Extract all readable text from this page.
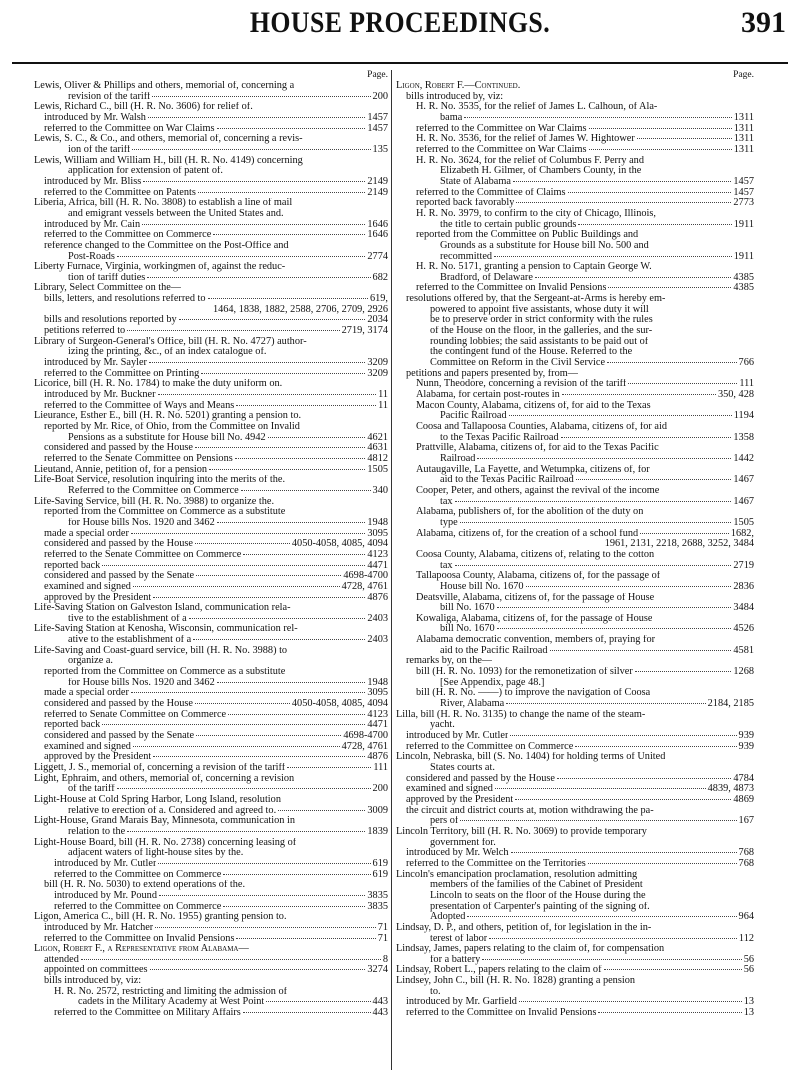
HOUSE PROCEEDINGS.	391
Page.
Lewis, Oliver & Phillips and others, memorial of, concerning a
revision of the tariff	200
Lewis, Richard C., bill (H. R. No. 3606) for relief of.
introduced by Mr. Walsh	1457
referred to the Committee on War Claims	1457
Lewis, S. C., & Co., and others, memorial of, concerning a revis-
ion of the tariff	135
Lewis, William and William H., bill (H. R. No. 4149) concerning
application for extension of patent of.
introduced by Mr. Bliss	2149
referred to the Committee on Patents	2149
Liberia, Africa, bill (H. R. No. 3808) to establish a line of mail
and emigrant vessels between the United States and.
introduced by Mr. Cain	1646
referred to the Committee on Commerce	1646
reference changed to the Committee on the Post-Office and
Post-Roads	2774
Liberty Furnace, Virginia, workingmen of, against the reduc-
tion of tariff duties	682
Library, Select Committee on the—
bills, letters, and resolutions referred to	619,
1464, 1838, 1882, 2588, 2706, 2709, 2926
bills and resolutions reported by	2034
petitions referred to	2719, 3174
Library of Surgeon-General's Office, bill (H. R. No. 4727) author-
izing the printing, &c., of an index catalogue of.
introduced by Mr. Sayler	3209
referred to the Committee on Printing	3209
Licorice, bill (H. R. No. 1784) to make the duty uniform on.
introduced by Mr. Buckner	11
referred to the Committee of Ways and Means	11
Lieurance, Esther E., bill (H. R. No. 5201) granting a pension to.
reported by Mr. Rice, of Ohio, from the Committee on Invalid
Pensions as a substitute for House bill No. 4942	4621
considered and passed by the House	4631
referred to the Senate Committee on Pensions	4812
Lieutand, Annie, petition of, for a pension	1505
Life-Boat Service, resolution inquiring into the merits of the.
Referred to the Committee on Commerce	340
Life-Saving Service, bill (H. R. No. 3988) to organize the.
reported from the Committee on Commerce as a substitute
for House bills Nos. 1920 and 3462	1948
made a special order	3095
considered and passed by the House	4050-4058, 4085, 4094
referred to the Senate Committee on Commerce	4123
reported back	4471
considered and passed by the Senate	4698-4700
examined and signed	4728, 4761
approved by the President	4876
Life-Saving Station on Galveston Island, communication rela-
tive to the establishment of a	2403
Life-Saving Station at Kenosha, Wisconsin, communication rel-
ative to the establishment of a	2403
Life-Saving and Coast-guard service, bill (H. R. No. 3988) to
organize a.
reported from the Committee on Commerce as a substitute
for House bills Nos. 1920 and 3462	1948
made a special order	3095
considered and passed by the House	4050-4058, 4085, 4094
referred to Senate Committee on Commerce	4123
reported back	4471
considered and passed by the Senate	4698-4700
examined and signed	4728, 4761
approved by the President	4876
Liggett, J. S., memorial of, concerning a revision of the tariff	111
Light, Ephraim, and others, memorial of, concerning a revision
of the tariff	200
Light-House at Cold Spring Harbor, Long Island, resolution
relative to erection of a. Considered and agreed to.	3009
Light-House, Grand Marais Bay, Minnesota, communication in
relation to the	1839
Light-House Board, bill (H. R. No. 2738) concerning leasing of
adjacent waters of light-house sites by the.
introduced by Mr. Cutler	619
referred to the Committee on Commerce	619
bill (H. R. No. 5030) to extend operations of the.
introduced by Mr. Pound	3835
referred to the Committee on Commerce	3835
Ligon, America C., bill (H. R. No. 1955) granting pension to.
introduced by Mr. Hatcher	71
referred to the Committee on Invalid Pensions	71
Ligon, Robert F., a Representative from Alabama—
attended	8
appointed on committees	3274
bills introduced by, viz:
H. R. No. 2572, restricting and limiting the admission of
cadets in the Military Academy at West Point	443
referred to the Committee on Military Affairs	443
Page.
Ligon, Robert F.—Continued.
bills introduced by, viz:
H. R. No. 3535, for the relief of James L. Calhoun, of Ala-
bama	1311
referred to the Committee on War Claims	1311
H. R. No. 3536, for the relief of James W. Hightower	1311
referred to the Committee on War Claims	1311
H. R. No. 3624, for the relief of Columbus F. Perry and
Elizabeth H. Gilmer, of Chambers County, in the
State of Alabama	1457
referred to the Committee of Claims	1457
reported back favorably	2773
H. R. No. 3979, to confirm to the city of Chicago, Illinois,
the title to certain public grounds	1911
reported from the Committee on Public Buildings and
Grounds as a substitute for House bill No. 500 and
recommitted	1911
H. R. No. 5171, granting a pension to Captain George W.
Bradford, of Delaware	4385
referred to the Committee on Invalid Pensions	4385
resolutions offered by, that the Sergeant-at-Arms is hereby em-
powered to appoint five assistants, whose duty it will
be to preserve order in strict conformity with the rules
of the House on the floor, in the galleries, and the sur-
rounding lobbies; the said assistants to be paid out of
the contingent fund of the House. Referred to the
Committee on Reform in the Civil Service	766
petitions and papers presented by, from—
Nunn, Theodore, concerning a revision of the tariff	111
Alabama, for certain post-routes in	350, 428
Macon County, Alabama, citizens of, for aid to the Texas
Pacific Railroad	1194
Coosa and Tallapoosa Counties, Alabama, citizens of, for aid
to the Texas Pacific Railroad	1358
Prattville, Alabama, citizens of, for aid to the Texas Pacific
Railroad	1442
Autaugaville, La Fayette, and Wetumpka, citizens of, for
aid to the Texas Pacific Railroad	1467
Cooper, Peter, and others, against the revival of the income
tax	1467
Alabama, publishers of, for the abolition of the duty on
type	1505
Alabama, citizens of, for the creation of a school fund	1682,
1961, 2131, 2218, 2688, 3252, 3484
Coosa County, Alabama, citizens of, relating to the cotton
tax	2719
Tallapoosa County, Alabama, citizens of, for the passage of
House bill No. 1670	2836
Deatsville, Alabama, citizens of, for the passage of House
bill No. 1670	3484
Kowaliga, Alabama, citizens of, for the passage of House
bill No. 1670	4526
Alabama democratic convention, members of, praying for
aid to the Pacific Railroad	4581
remarks by, on the—
bill (H. R. No. 1093) for the remonetization of silver	1268
[See Appendix, page 48.]
bill (H. R. No. ——) to improve the navigation of Coosa
River, Alabama	2184, 2185
Lilla, bill (H. R. No. 3135) to change the name of the steam-
yacht.
introduced by Mr. Cutler	939
referred to the Committee on Commerce	939
Lincoln, Nebraska, bill (S. No. 1404) for holding terms of United
States courts at.
considered and passed by the House	4784
examined and signed	4839, 4873
approved by the President	4869
the circuit and district courts at, motion withdrawing the pa-
pers of	167
Lincoln Territory, bill (H. R. No. 3069) to provide temporary
government for.
introduced by Mr. Welch	768
referred to the Committee on the Territories	768
Lincoln's emancipation proclamation, resolution admitting
members of the families of the Cabinet of President
Lincoln to seats on the floor of the House during the
presentation of Carpenter's painting of the signing of.
Adopted	964
Lindsay, D. P., and others, petition of, for legislation in the in-
terest of labor	112
Lindsay, James, papers relating to the claim of, for compensation
for a battery	56
Lindsay, Robert L., papers relating to the claim of	56
Lindsey, John C., bill (H. R. No. 1828) granting a pension
to.
introduced by Mr. Garfield	13
referred to the Committee on Invalid Pensions	13
